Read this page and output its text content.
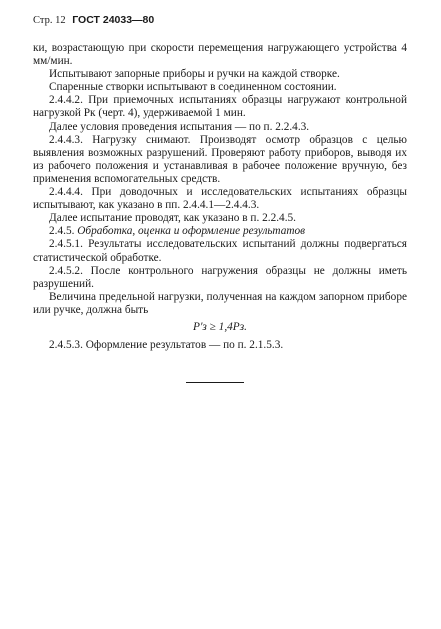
Стр. 12 ГОСТ 24033—80

ки, возрастающую при скорости перемещения нагружающего устройства 4 мм/мин.

Испытывают запорные приборы и ручки на каждой створке.

Спаренные створки испытывают в соединенном состоянии.

2.4.4.2. При приемочных испытаниях образцы нагружают контрольной нагрузкой Рк (черт. 4), удерживаемой 1 мин.

Далее условия проведения испытания — по п. 2.2.4.3.

2.4.4.3. Нагрузку снимают. Производят осмотр образцов с целью выявления возможных разрушений. Проверяют работу приборов, выводя их из рабочего положения и устанавливая в рабочее положение вручную, без применения вспомогательных средств.

2.4.4.4. При доводочных и исследовательских испытаниях образцы испытывают, как указано в пп. 2.4.4.1—2.4.4.3.

Далее испытание проводят, как указано в п. 2.2.4.5.

2.4.5. Обработка, оценка и оформление результатов

2.4.5.1. Результаты исследовательских испытаний должны подвергаться статистической обработке.

2.4.5.2. После контрольного нагружения образцы не должны иметь разрушений.

Величина предельной нагрузки, полученная на каждом запорном приборе или ручке, должна быть

P′з ≥ 1,4Pз.

2.4.5.3. Оформление результатов — по п. 2.1.5.3.
